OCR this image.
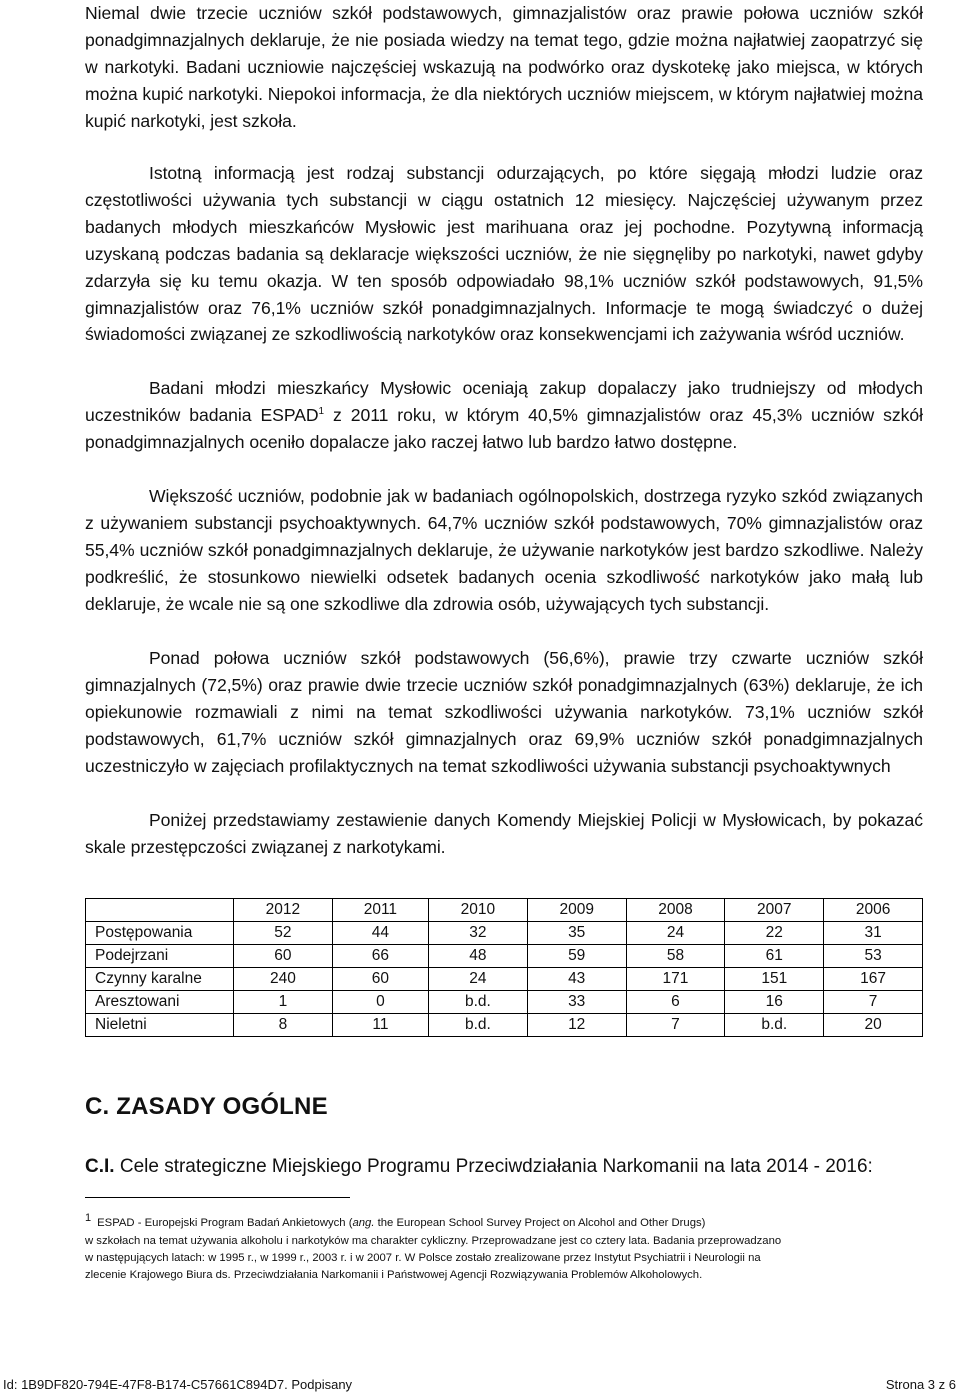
Niemal dwie trzecie uczniów szkół podstawowych, gimnazjalistów oraz prawie połowa uczniów szkół ponadgimnazjalnych deklaruje, że nie posiada wiedzy na temat tego, gdzie można najłatwiej zaopatrzyć się w narkotyki. Badani uczniowie najczęściej wskazują na podwórko oraz dyskotekę jako miejsca, w których można kupić narkotyki. Niepokoi informacja, że dla niektórych uczniów miejscem, w którym najłatwiej można kupić narkotyki, jest szkoła.

Istotną informacją jest rodzaj substancji odurzających, po które sięgają młodzi ludzie oraz częstotliwości używania tych substancji w ciągu ostatnich 12 miesięcy. Najczęściej używanym przez badanych młodych mieszkańców Mysłowic jest marihuana oraz jej pochodne. Pozytywną informacją uzyskaną podczas badania są deklaracje większości uczniów, że nie sięgnęliby po narkotyki, nawet gdyby zdarzyła się ku temu okazja. W ten sposób odpowiadało 98,1% uczniów szkół podstawowych, 91,5% gimnazjalistów oraz 76,1% uczniów szkół ponadgimnazjalnych. Informacje te mogą świadczyć o dużej świadomości związanej ze szkodliwością narkotyków oraz konsekwencjami ich zażywania wśród uczniów.

Badani młodzi mieszkańcy Mysłowic oceniają zakup dopalaczy jako trudniejszy od młodych uczestników badania ESPAD$^1$ z 2011 roku, w którym 40,5% gimnazjalistów oraz 45,3% uczniów szkół ponadgimnazjalnych oceniło dopalacze jako raczej łatwo lub bardzo łatwo dostępne.

Większość uczniów, podobnie jak w badaniach ogólnopolskich, dostrzega ryzyko szkód związanych z używaniem substancji psychoaktywnych. 64,7% uczniów szkół podstawowych, 70% gimnazjalistów oraz 55,4% uczniów szkół ponadgimnazjalnych deklaruje, że używanie narkotyków jest bardzo szkodliwe. Należy podkreślić, że stosunkowo niewielki odsetek badanych ocenia szkodliwość narkotyków jako małą lub deklaruje, że wcale nie są one szkodliwe dla zdrowia osób, używających tych substancji.

Ponad połowa uczniów szkół podstawowych (56,6%), prawie trzy czwarte uczniów szkół gimnazjalnych (72,5%) oraz prawie dwie trzecie uczniów szkół ponadgimnazjalnych (63%) deklaruje, że ich opiekunowie rozmawiali z nimi na temat szkodliwości używania narkotyków. 73,1% uczniów szkół podstawowych, 61,7% uczniów szkół gimnazjalnych oraz 69,9% uczniów szkół ponadgimnazjalnych uczestniczyło w zajęciach profilaktycznych na temat szkodliwości używania substancji psychoaktywnych

Poniżej przedstawiamy zestawienie danych Komendy Miejskiej Policji w Mysłowicach, by pokazać skale przestępczości związanej z narkotykami.

	2012	2011	2010	2009	2008	2007	2006
Postępowania	52	44	32	35	24	22	31
Podejrzani	60	66	48	59	58	61	53
Czynny karalne	240	60	24	43	171	151	167
Aresztowani	1	0	b.d.	33	6	16	7
Nieletni	8	11	b.d.	12	7	b.d.	20
C. ZASADY OGÓLNE
C.I. Cele strategiczne Miejskiego Programu Przeciwdziałania Narkomanii na lata 2014 - 2016:
1 ESPAD - Europejski Program Badań Ankietowych (ang. the European School Survey Project on Alcohol and Other Drugs)
w szkołach na temat używania alkoholu i narkotyków ma charakter cykliczny. Przeprowadzane jest co cztery lata. Badania przeprowadzano
w następujących latach: w 1995 r., w 1999 r., 2003 r. i w 2007 r. W Polsce zostało zrealizowane przez Instytut Psychiatrii i Neurologii na
zlecenie Krajowego Biura ds. Przeciwdziałania Narkomanii i Państwowej Agencji Rozwiązywania Problemów Alkoholowych.
Id: 1B9DF820-794E-47F8-B174-C57661C894D7. Podpisany	Strona 3 z 6
